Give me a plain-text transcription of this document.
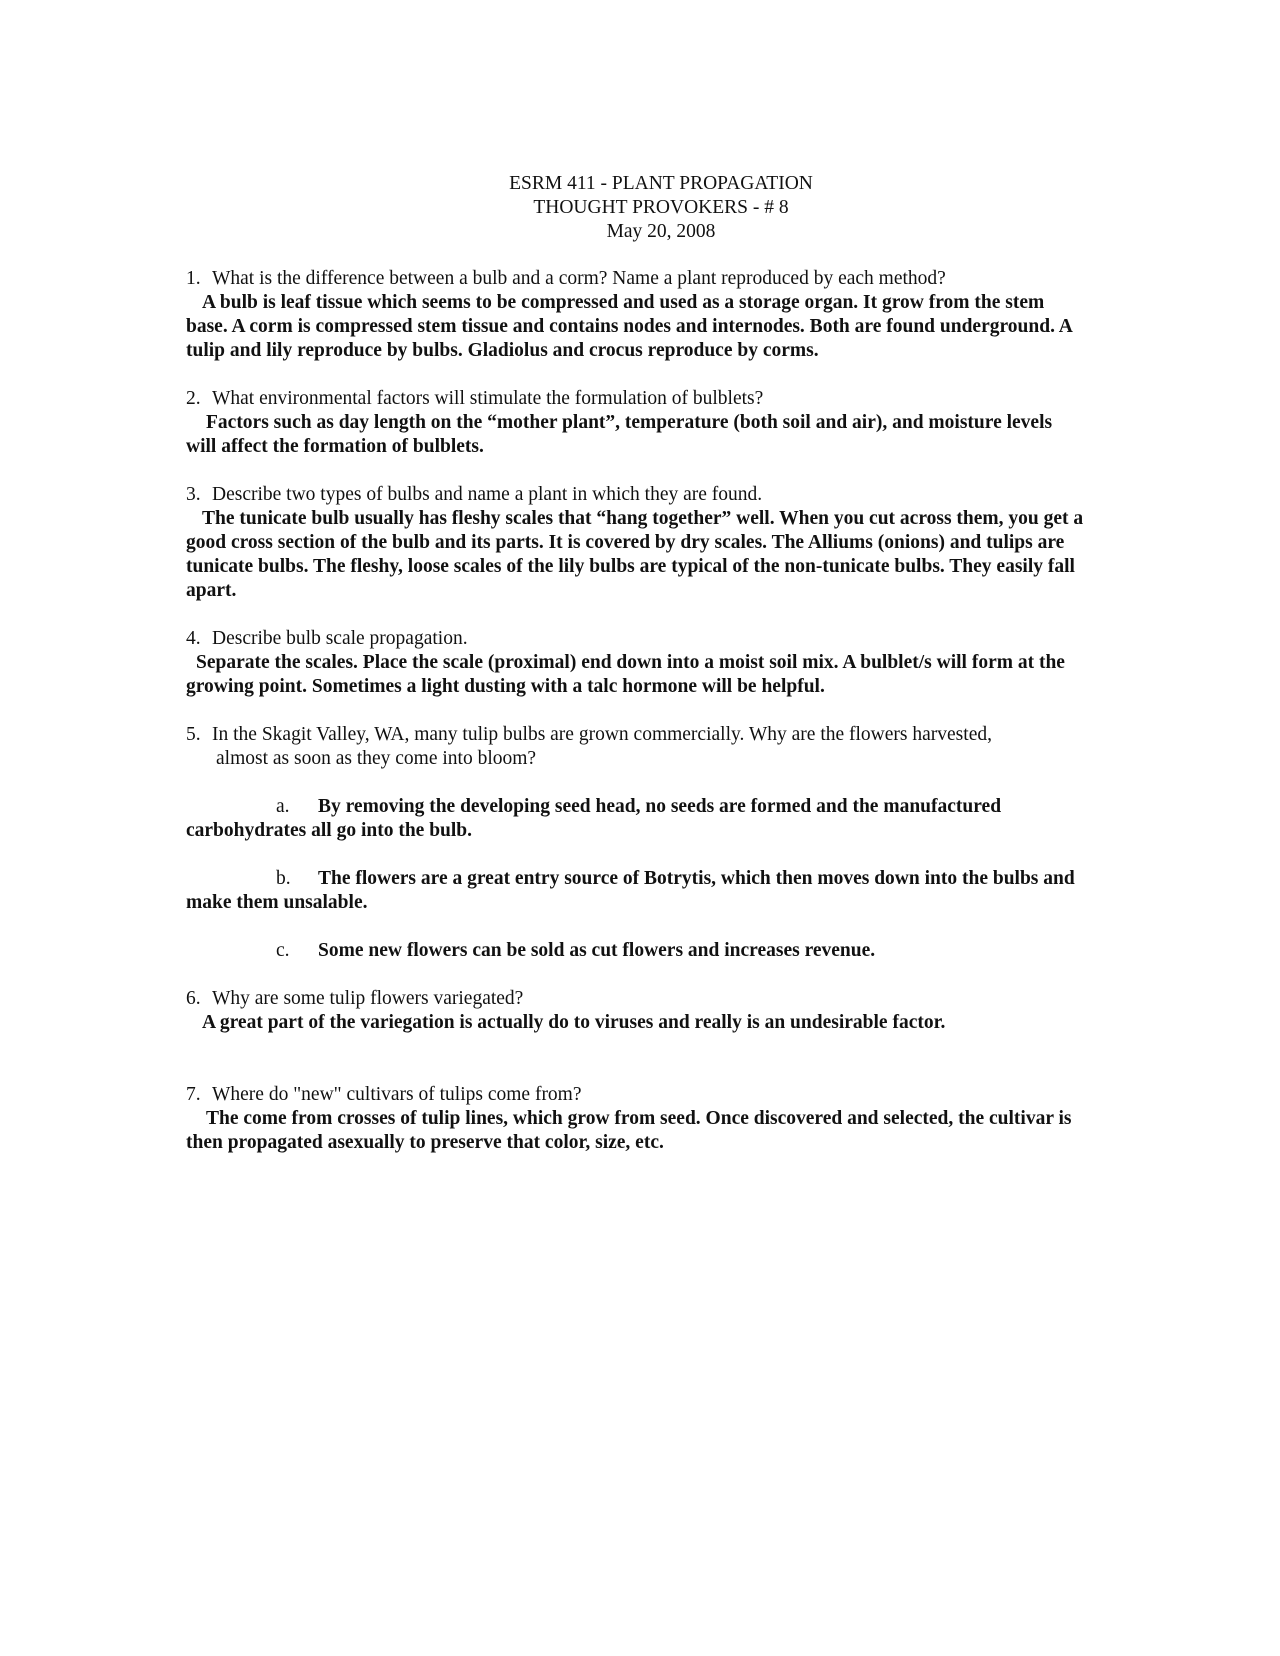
ESRM 411 - PLANT PROPAGATION
THOUGHT PROVOKERS - # 8
May 20, 2008
1. What is the difference between a bulb and a corm? Name a plant reproduced by each method?
A bulb is leaf tissue which seems to be compressed and used as a storage organ. It grow from the stem base. A corm is compressed stem tissue and contains nodes and internodes. Both are found underground. A tulip and lily reproduce by bulbs. Gladiolus and crocus reproduce by corms.
2. What environmental factors will stimulate the formulation of bulblets?
Factors such as day length on the “mother plant”, temperature (both soil and air), and moisture levels will affect the formation of bulblets.
3. Describe two types of bulbs and name a plant in which they are found.
The tunicate bulb usually has fleshy scales that “hang together” well. When you cut across them, you get a good cross section of the bulb and its parts. It is covered by dry scales. The Alliums (onions) and tulips are tunicate bulbs. The fleshy, loose scales of the lily bulbs are typical of the non-tunicate bulbs. They easily fall apart.
4. Describe bulb scale propagation.
Separate the scales. Place the scale (proximal) end down into a moist soil mix. A bulblet/s will form at the growing point. Sometimes a light dusting with a talc hormone will be helpful.
5. In the Skagit Valley, WA, many tulip bulbs are grown commercially. Why are the flowers harvested,
almost as soon as they come into bloom?
a. By removing the developing seed head, no seeds are formed and the manufactured carbohydrates all go into the bulb.
b. The flowers are a great entry source of Botrytis, which then moves down into the bulbs and make them unsalable.
c. Some new flowers can be sold as cut flowers and increases revenue.
6. Why are some tulip flowers variegated?
A great part of the variegation is actually do to viruses and really is an undesirable factor.
7. Where do "new" cultivars of tulips come from?
The come from crosses of tulip lines, which grow from seed. Once discovered and selected, the cultivar is then propagated asexually to preserve that color, size, etc.
